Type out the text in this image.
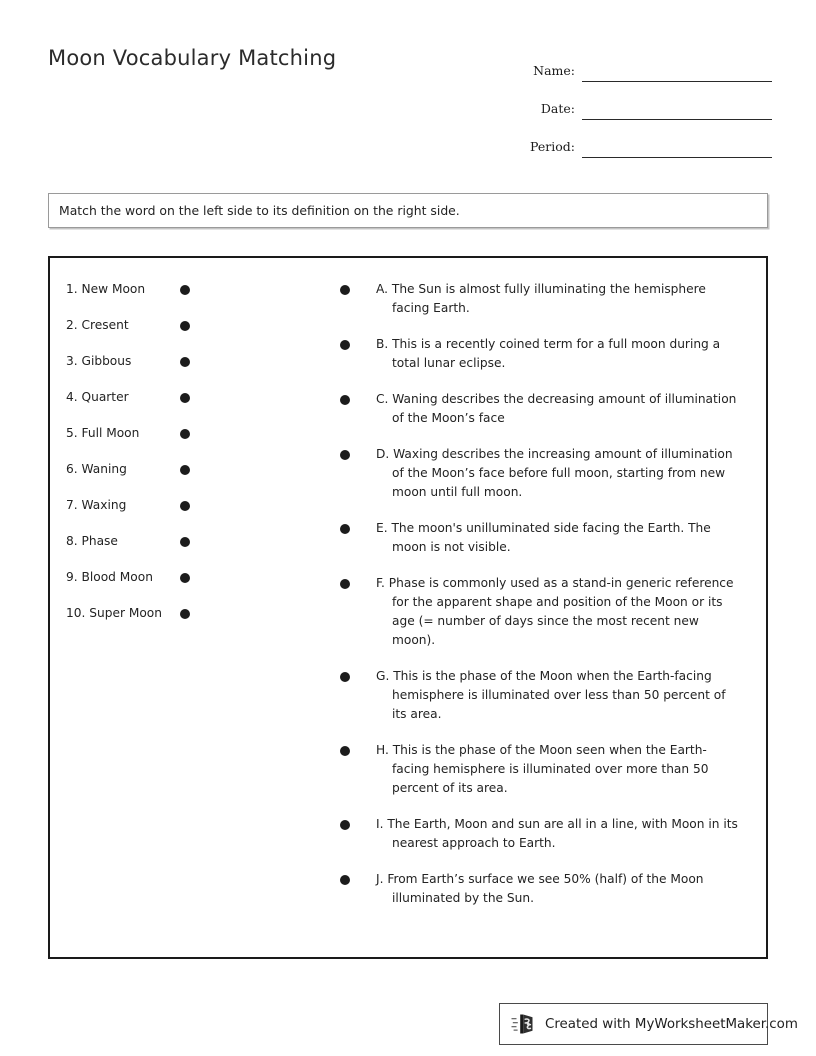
Moon Vocabulary Matching
Name:
Date:
Period:
Match the word on the left side to its definition on the right side.
1. New Moon
2. Cresent
3. Gibbous
4. Quarter
5. Full Moon
6. Waning
7. Waxing
8. Phase
9. Blood Moon
10. Super Moon
A. The Sun is almost fully illuminating the hemisphere facing Earth.
B. This is a recently coined term for a full moon during a total lunar eclipse.
C. Waning describes the decreasing amount of illumination of the Moon’s face
D. Waxing describes the increasing amount of illumination of the Moon’s face before full moon, starting from new moon until full moon.
E. The moon's unilluminated side facing the Earth. The moon is not visible.
F. Phase is commonly used as a stand-in generic reference for the apparent shape and position of the Moon or its age (= number of days since the most recent new moon).
G. This is the phase of the Moon when the Earth-facing hemisphere is illuminated over less than 50 percent of its area.
H. This is the phase of the Moon seen when the Earth-facing hemisphere is illuminated over more than 50 percent of its area.
I. The Earth, Moon and sun are all in a line, with Moon in its nearest approach to Earth.
J. From Earth’s surface we see 50% (half) of the Moon illuminated by the Sun.
Created with MyWorksheetMaker.com
